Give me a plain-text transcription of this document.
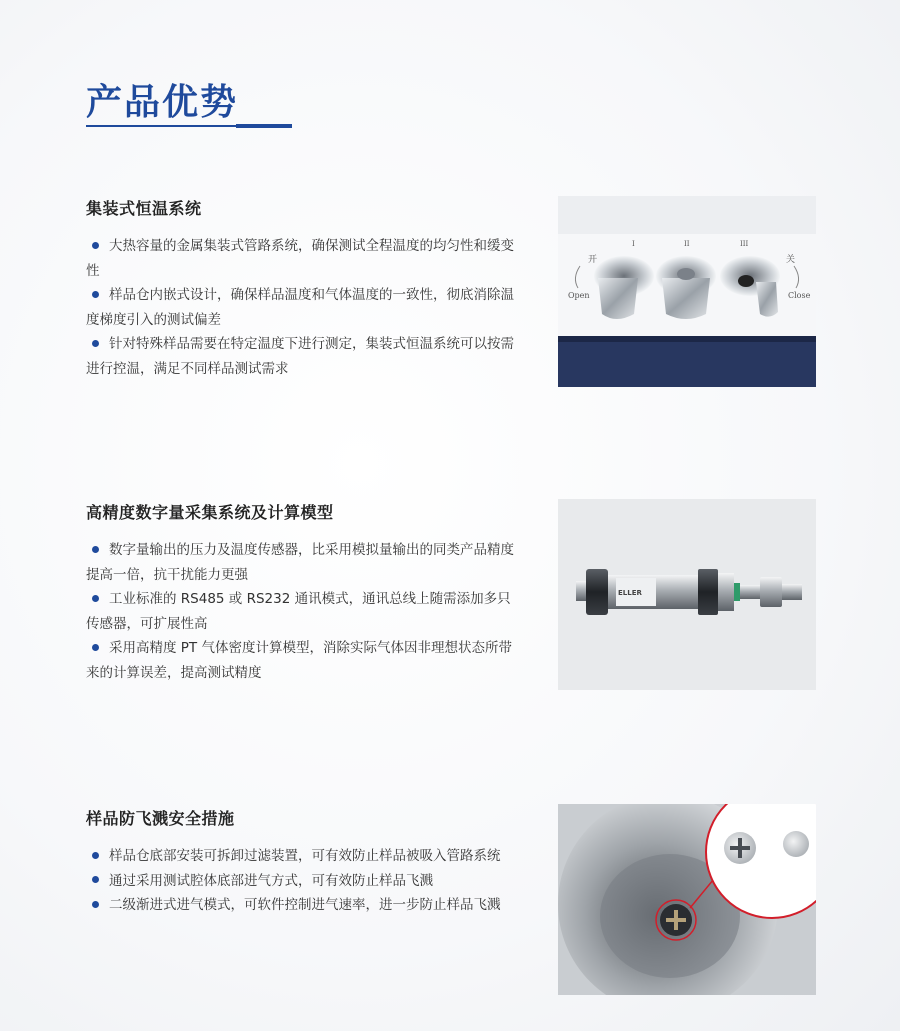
产品优势
集装式恒温系统
大热容量的金属集装式管路系统，确保测试全程温度的均匀性和缓变性
样品仓内嵌式设计，确保样品温度和气体温度的一致性，彻底消除温度梯度引入的测试偏差
针对特殊样品需要在特定温度下进行测定，集装式恒温系统可以按需进行控温，满足不同样品测试需求
开
I	II	III
关
Open	Close
高精度数字量采集系统及计算模型
数字量输出的压力及温度传感器，比采用模拟量输出的同类产品精度提高一倍，抗干扰能力更强
工业标准的 RS485 或 RS232 通讯模式，通讯总线上随需添加多只传感器，可扩展性高
采用高精度 PT 气体密度计算模型，消除实际气体因非理想状态所带来的计算误差，提高测试精度
ELLER
样品防飞溅安全措施
样品仓底部安装可拆卸过滤装置，可有效防止样品被吸入管路系统
通过采用测试腔体底部进气方式，可有效防止样品飞溅
二级渐进式进气模式，可软件控制进气速率，进一步防止样品飞溅
